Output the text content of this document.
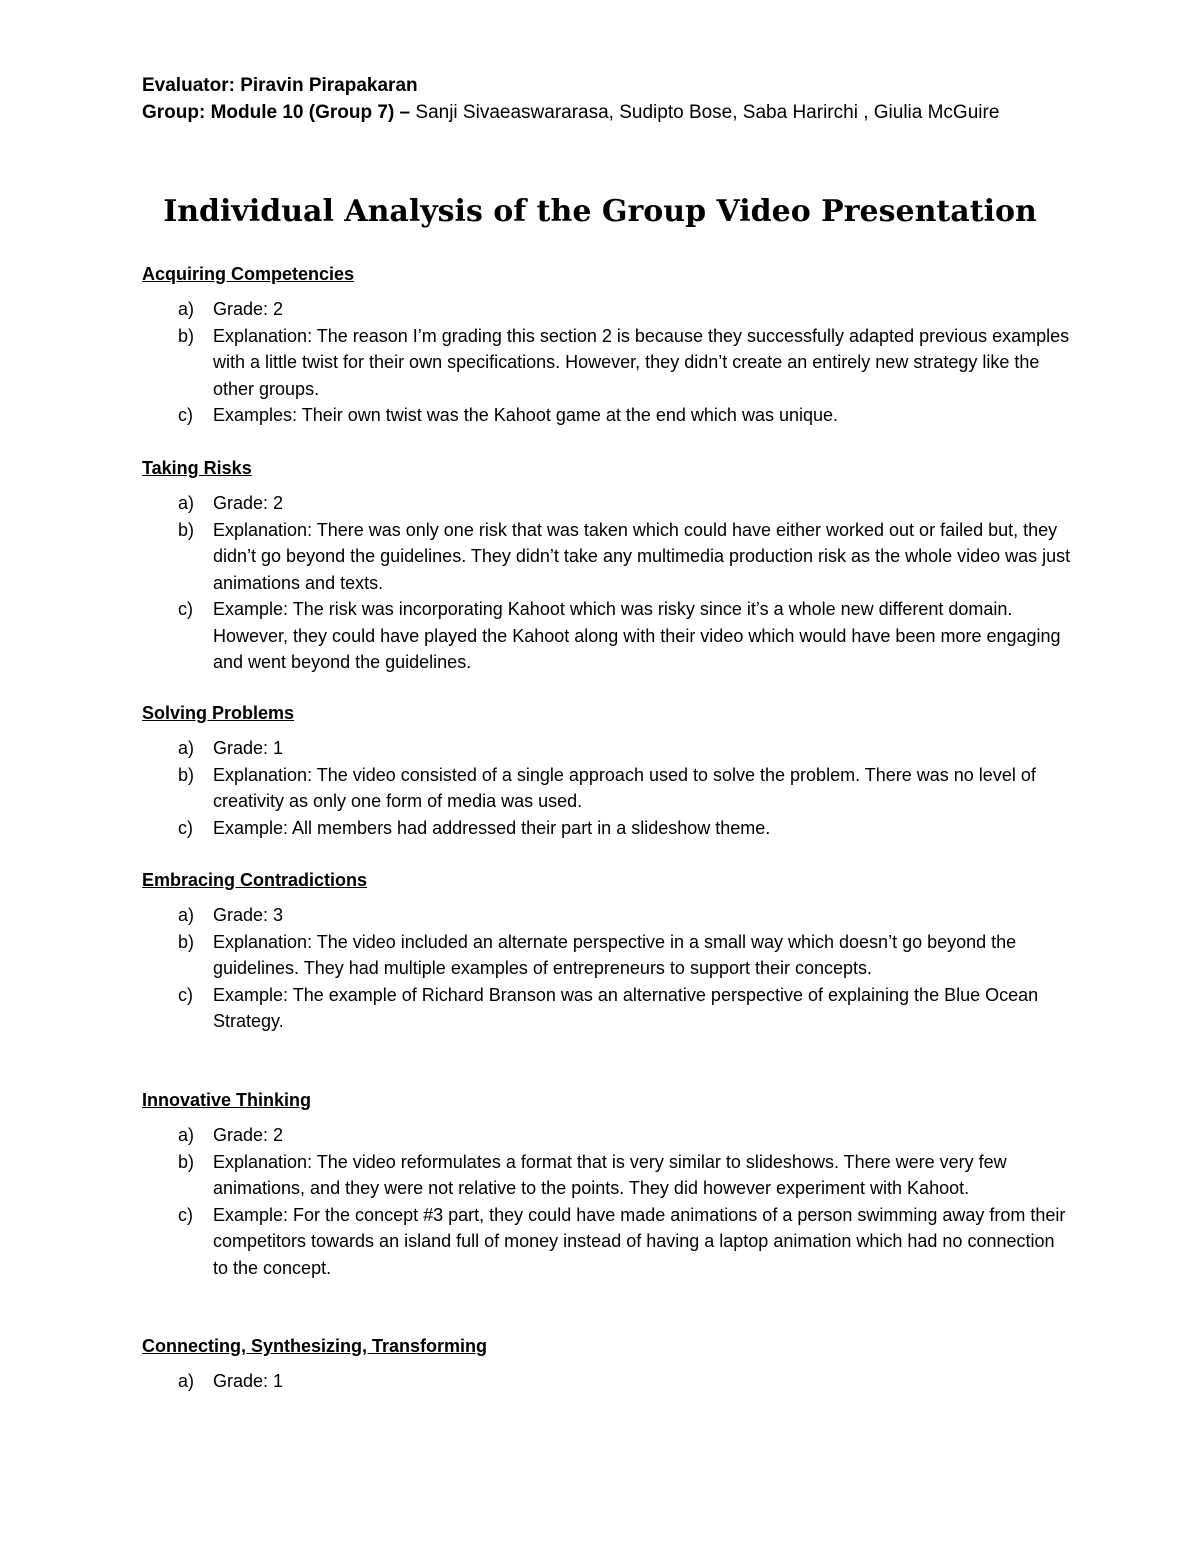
Evaluator: Piravin Pirapakaran
Group: Module 10 (Group 7) – Sanji Sivaeaswararasa, Sudipto Bose, Saba Harirchi , Giulia McGuire
Individual Analysis of the Group Video Presentation
Acquiring Competencies
a) Grade: 2
b) Explanation: The reason I’m grading this section 2 is because they successfully adapted previous examples with a little twist for their own specifications. However, they didn’t create an entirely new strategy like the other groups.
c) Examples: Their own twist was the Kahoot game at the end which was unique.
Taking Risks
a) Grade: 2
b) Explanation: There was only one risk that was taken which could have either worked out or failed but, they didn’t go beyond the guidelines. They didn’t take any multimedia production risk as the whole video was just animations and texts.
c) Example: The risk was incorporating Kahoot which was risky since it’s a whole new different domain. However, they could have played the Kahoot along with their video which would have been more engaging and went beyond the guidelines.
Solving Problems
a) Grade: 1
b) Explanation: The video consisted of a single approach used to solve the problem. There was no level of creativity as only one form of media was used.
c) Example: All members had addressed their part in a slideshow theme.
Embracing Contradictions
a) Grade: 3
b) Explanation: The video included an alternate perspective in a small way which doesn’t go beyond the guidelines. They had multiple examples of entrepreneurs to support their concepts.
c) Example: The example of Richard Branson was an alternative perspective of explaining the Blue Ocean Strategy.
Innovative Thinking
a) Grade: 2
b) Explanation: The video reformulates a format that is very similar to slideshows. There were very few animations, and they were not relative to the points. They did however experiment with Kahoot.
c) Example: For the concept #3 part, they could have made animations of a person swimming away from their competitors towards an island full of money instead of having a laptop animation which had no connection to the concept.
Connecting, Synthesizing, Transforming
a) Grade: 1
